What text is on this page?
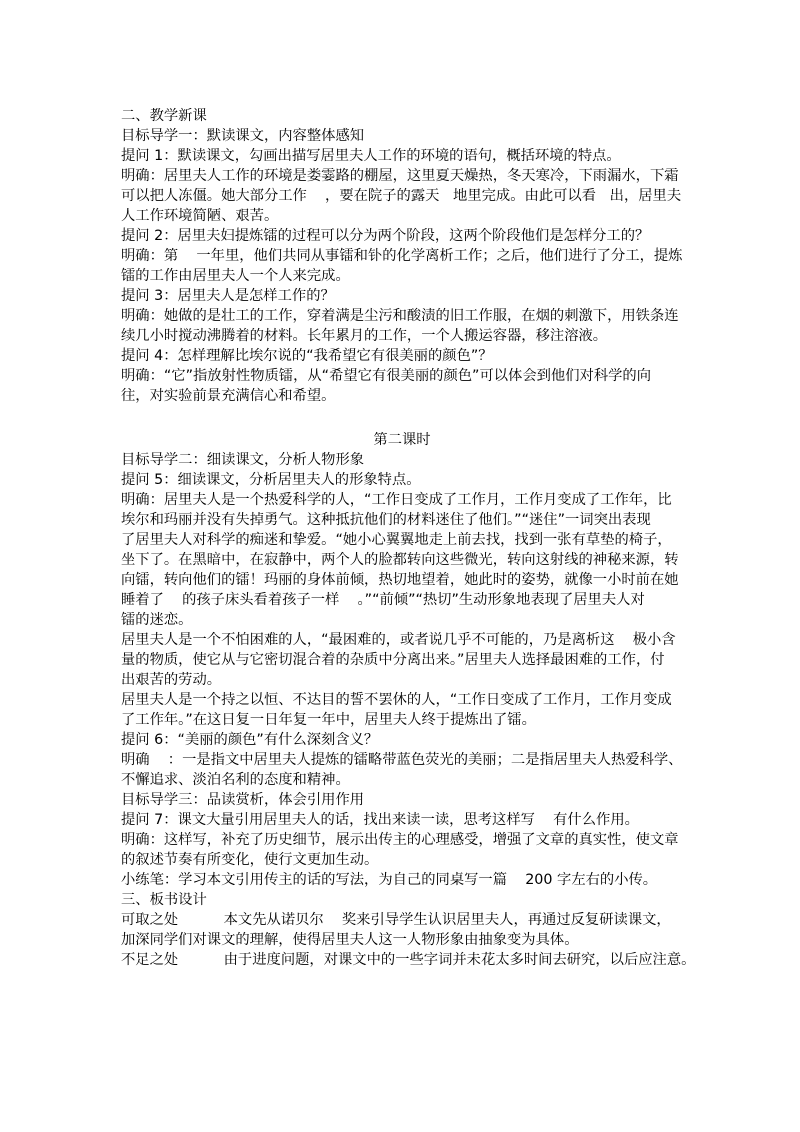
二、教学新课
目标导学一：默读课文，内容整体感知
提问 1：默读课文，勾画出描写居里夫人工作的环境的语句，概括环境的特点。
明确：居里夫人工作的环境是娄霎路的棚屋，这里夏天燥热，冬天寒冷，下雨漏水，下霜
可以把人冻僵。她大部分工作    ，要在院子的露天   地里完成。由此可以看   出，居里夫
人工作环境简陋、艰苦。
提问 2：居里夫妇提炼镭的过程可以分为两个阶段，这两个阶段他们是怎样分工的？
明确：第    一年里，他们共同从事镭和钋的化学离析工作；之后，他们进行了分工，提炼
镭的工作由居里夫人一个人来完成。
提问 3：居里夫人是怎样工作的？
明确：她做的是壮工的工作，穿着满是尘污和酸渍的旧工作服，在烟的刺激下，用铁条连
续几小时搅动沸腾着的材料。长年累月的工作，一个人搬运容器，移注溶液。
提问 4：怎样理解比埃尔说的“我希望它有很美丽的颜色”？
明确：“它”指放射性物质镭，从“希望它有很美丽的颜色”可以体会到他们对科学的向
往，对实验前景充满信心和希望。
第二课时
目标导学二：细读课文，分析人物形象
提问 5：细读课文，分析居里夫人的形象特点。
明确：居里夫人是一个热爱科学的人，“工作日变成了工作月，工作月变成了工作年，比
埃尔和玛丽并没有失掉勇气。这种抵抗他们的材料迷住了他们。”“迷住”一词突出表现
了居里夫人对科学的痴迷和挚爱。“她小心翼翼地走上前去找，找到一张有草垫的椅子，
坐下了。在黑暗中，在寂静中，两个人的脸都转向这些微光，转向这射线的神秘来源，转
向镭，转向他们的镭！玛丽的身体前倾，热切地望着，她此时的姿势，就像一小时前在她
睡着了    的孩子床头看着孩子一样    。”“前倾”“热切”生动形象地表现了居里夫人对
镭的迷恋。
居里夫人是一个不怕困难的人，“最困难的，或者说几乎不可能的，乃是离析这    极小含
量的物质，使它从与它密切混合着的杂质中分离出来。”居里夫人选择最困难的工作，付
出艰苦的劳动。
居里夫人是一个持之以恒、不达目的誓不罢休的人，“工作日变成了工作月，工作月变成
了工作年。”在这日复一日年复一年中，居里夫人终于提炼出了镭。
提问 6：“美丽的颜色”有什么深刻含义？
明确    ：一是指文中居里夫人提炼的镭略带蓝色荧光的美丽；二是指居里夫人热爱科学、
不懈追求、淡泊名利的态度和精神。
目标导学三：品读赏析，体会引用作用
提问 7：课文大量引用居里夫人的话，找出来读一读，思考这样写    有什么作用。
明确：这样写，补充了历史细节，展示出传主的心理感受，增强了文章的真实性，使文章
的叙述节奏有所变化，使行文更加生动。
小练笔：学习本文引用传主的话的写法，为自己的同桌写一篇    200 字左右的小传。
三、板书设计
可取之处          本文先从诺贝尔    奖来引导学生认识居里夫人，再通过反复研读课文，
加深同学们对课文的理解，使得居里夫人这一人物形象由抽象变为具体。
不足之处          由于进度问题，对课文中的一些字词并未花太多时间去研究，以后应注意。
